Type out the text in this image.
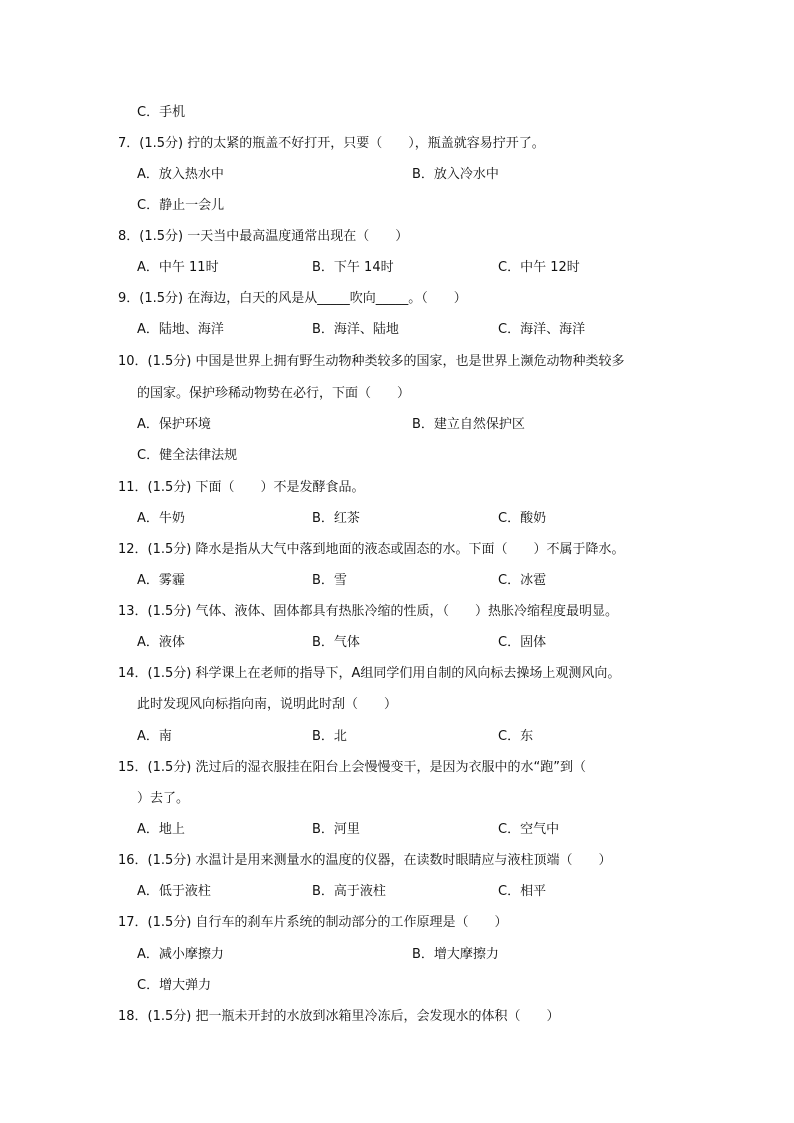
C．手机
7．(1.5分) 拧的太紧的瓶盖不好打开，只要（　　），瓶盖就容易拧开了。
A．放入热水中	B．放入冷水中
C．静止一会儿
8．(1.5分) 一天当中最高温度通常出现在（　　）
A．中午 11时	B．下午 14时	C．中午 12时
9．(1.5分) 在海边，白天的风是从_____吹向_____。（　　）
A．陆地、海洋	B．海洋、陆地	C．海洋、海洋
10．(1.5分) 中国是世界上拥有野生动物种类较多的国家，也是世界上濒危动物种类较多
的国家。保护珍稀动物势在必行，下面（　　）
A．保护环境	B．建立自然保护区
C．健全法律法规
11．(1.5分) 下面（　　）不是发酵食品。
A．牛奶	B．红茶	C．酸奶
12．(1.5分) 降水是指从大气中落到地面的液态或固态的水。下面（　　）不属于降水。
A．雾霾	B．雪	C．冰雹
13．(1.5分) 气体、液体、固体都具有热胀冷缩的性质，（　　）热胀冷缩程度最明显。
A．液体	B．气体	C．固体
14．(1.5分) 科学课上在老师的指导下，A组同学们用自制的风向标去操场上观测风向。
此时发现风向标指向南，说明此时刮（　　）
A．南	B．北	C．东
15．(1.5分) 洗过后的湿衣服挂在阳台上会慢慢变干，是因为衣服中的水“跑”到（
）去了。
A．地上	B．河里	C．空气中
16．(1.5分) 水温计是用来测量水的温度的仪器，在读数时眼睛应与液柱顶端（　　）
A．低于液柱	B．高于液柱	C．相平
17．(1.5分) 自行车的刹车片系统的制动部分的工作原理是（　　）
A．减小摩擦力	B．增大摩擦力
C．增大弹力
18．(1.5分) 把一瓶未开封的水放到冰箱里冷冻后，会发现水的体积（　　）
